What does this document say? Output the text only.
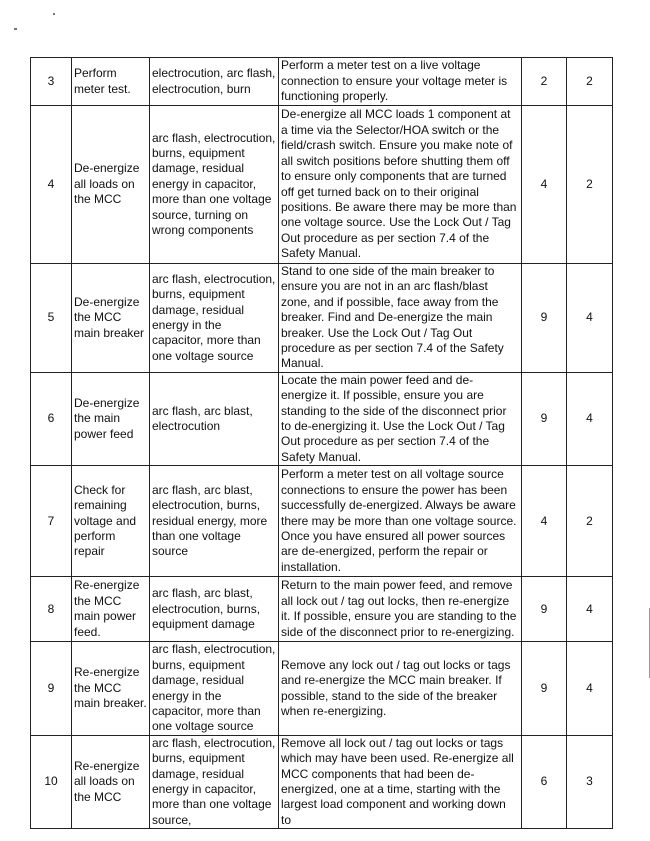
3	Perform meter test.	electrocution, arc flash, electrocution, burn	Perform a meter test on a live voltage connection to ensure your voltage meter is functioning properly.	2	2
4	De-energize all loads on the MCC	arc flash, electrocution, burns, equipment damage, residual energy in capacitor, more than one voltage source, turning on wrong components	De-energize all MCC loads 1 component at a time via the Selector/HOA switch or the field/crash switch. Ensure you make note of all switch positions before shutting them off to ensure only components that are turned off get turned back on to their original positions. Be aware there may be more than one voltage source. Use the Lock Out / Tag Out procedure as per section 7.4 of the Safety Manual.	4	2
5	De-energize the MCC main breaker	arc flash, electrocution, burns, equipment damage, residual energy in the capacitor, more than one voltage source	Stand to one side of the main breaker to ensure you are not in an arc flash/blast zone, and if possible, face away from the breaker. Find and De-energize the main breaker. Use the Lock Out / Tag Out procedure as per section 7.4 of the Safety Manual.	9	4
6	De-energize the main power feed	arc flash, arc blast, electrocution	Locate the main power feed and de-energize it. If possible, ensure you are standing to the side of the disconnect prior to de-energizing it. Use the Lock Out / Tag Out procedure as per section 7.4 of the Safety Manual.	9	4
7	Check for remaining voltage and perform repair	arc flash, arc blast, electrocution, burns, residual energy, more than one voltage source	Perform a meter test on all voltage source connections to ensure the power has been successfully de-energized. Always be aware there may be more than one voltage source. Once you have ensured all power sources are de-energized, perform the repair or installation.	4	2
8	Re-energize the MCC main power feed.	arc flash, arc blast, electrocution, burns, equipment damage	Return to the main power feed, and remove all lock out / tag out locks, then re-energize it. If possible, ensure you are standing to the side of the disconnect prior to re-energizing.	9	4
9	Re-energize the MCC main breaker.	arc flash, electrocution, burns, equipment damage, residual energy in the capacitor, more than one voltage source	Remove any lock out / tag out locks or tags and re-energize the MCC main breaker. If possible, stand to the side of the breaker when re-energizing.	9	4
10	Re-energize all loads on the MCC	arc flash, electrocution, burns, equipment damage, residual energy in capacitor, more than one voltage source,	Remove all lock out / tag out locks or tags which may have been used. Re-energize all MCC components that had been de-energized, one at a time, starting with the largest load component and working down to	6	3
